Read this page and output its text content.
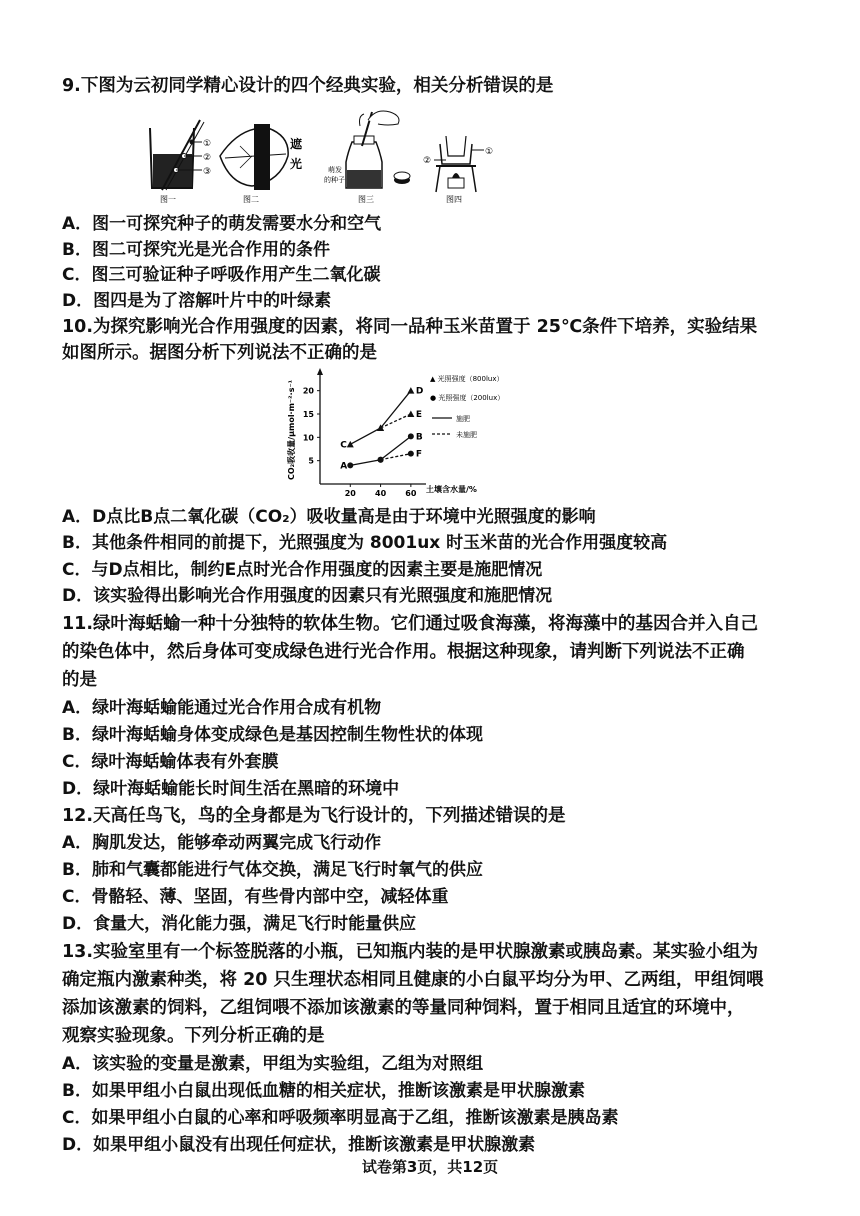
9.下图为云初同学精心设计的四个经典实验，相关分析错误的是
①
②
③
图一
遮
光
图二
萌发
的种子
图三
①
②
图四
A．图一可探究种子的萌发需要水分和空气
B．图二可探究光是光合作用的条件
C．图三可验证种子呼吸作用产生二氧化碳
D．图四是为了溶解叶片中的叶绿素
10.为探究影响光合作用强度的因素，将同一品种玉米苗置于 25℃条件下培养，实验结果
如图所示。据图分析下列说法不正确的是
CO₂吸收量/μmol·m⁻²·s⁻¹ 5
10
15
20
20 40 60
C
D
E
A
B
F
土壤含水量/%
▲ 光照强度（800lux）
● 光照强度（200lux）
施肥
未施肥
A．D点比B点二氧化碳（CO₂）吸收量高是由于环境中光照强度的影响
B．其他条件相同的前提下，光照强度为 8001ux 时玉米苗的光合作用强度较高
C．与D点相比，制约E点时光合作用强度的因素主要是施肥情况
D．该实验得出影响光合作用强度的因素只有光照强度和施肥情况
11.绿叶海蛞蝓一种十分独特的软体生物。它们通过吸食海藻，将海藻中的基因合并入自己
的染色体中，然后身体可变成绿色进行光合作用。根据这种现象，请判断下列说法不正确
的是
A．绿叶海蛞蝓能通过光合作用合成有机物
B．绿叶海蛞蝓身体变成绿色是基因控制生物性状的体现
C．绿叶海蛞蝓体表有外套膜
D．绿叶海蛞蝓能长时间生活在黑暗的环境中
12.天高任鸟飞，鸟的全身都是为飞行设计的，下列描述错误的是
A．胸肌发达，能够牵动两翼完成飞行动作
B．肺和气囊都能进行气体交换，满足飞行时氧气的供应
C．骨骼轻、薄、坚固，有些骨内部中空，减轻体重
D．食量大，消化能力强，满足飞行时能量供应
13.实验室里有一个标签脱落的小瓶，已知瓶内装的是甲状腺激素或胰岛素。某实验小组为
确定瓶内激素种类，将 20 只生理状态相同且健康的小白鼠平均分为甲、乙两组，甲组饲喂
添加该激素的饲料，乙组饲喂不添加该激素的等量同种饲料，置于相同且适宜的环境中，
观察实验现象。下列分析正确的是
A．该实验的变量是激素，甲组为实验组，乙组为对照组
B．如果甲组小白鼠出现低血糖的相关症状，推断该激素是甲状腺激素
C．如果甲组小白鼠的心率和呼吸频率明显高于乙组，推断该激素是胰岛素
D．如果甲组小鼠没有出现任何症状，推断该激素是甲状腺激素
试卷第3页，共12页
